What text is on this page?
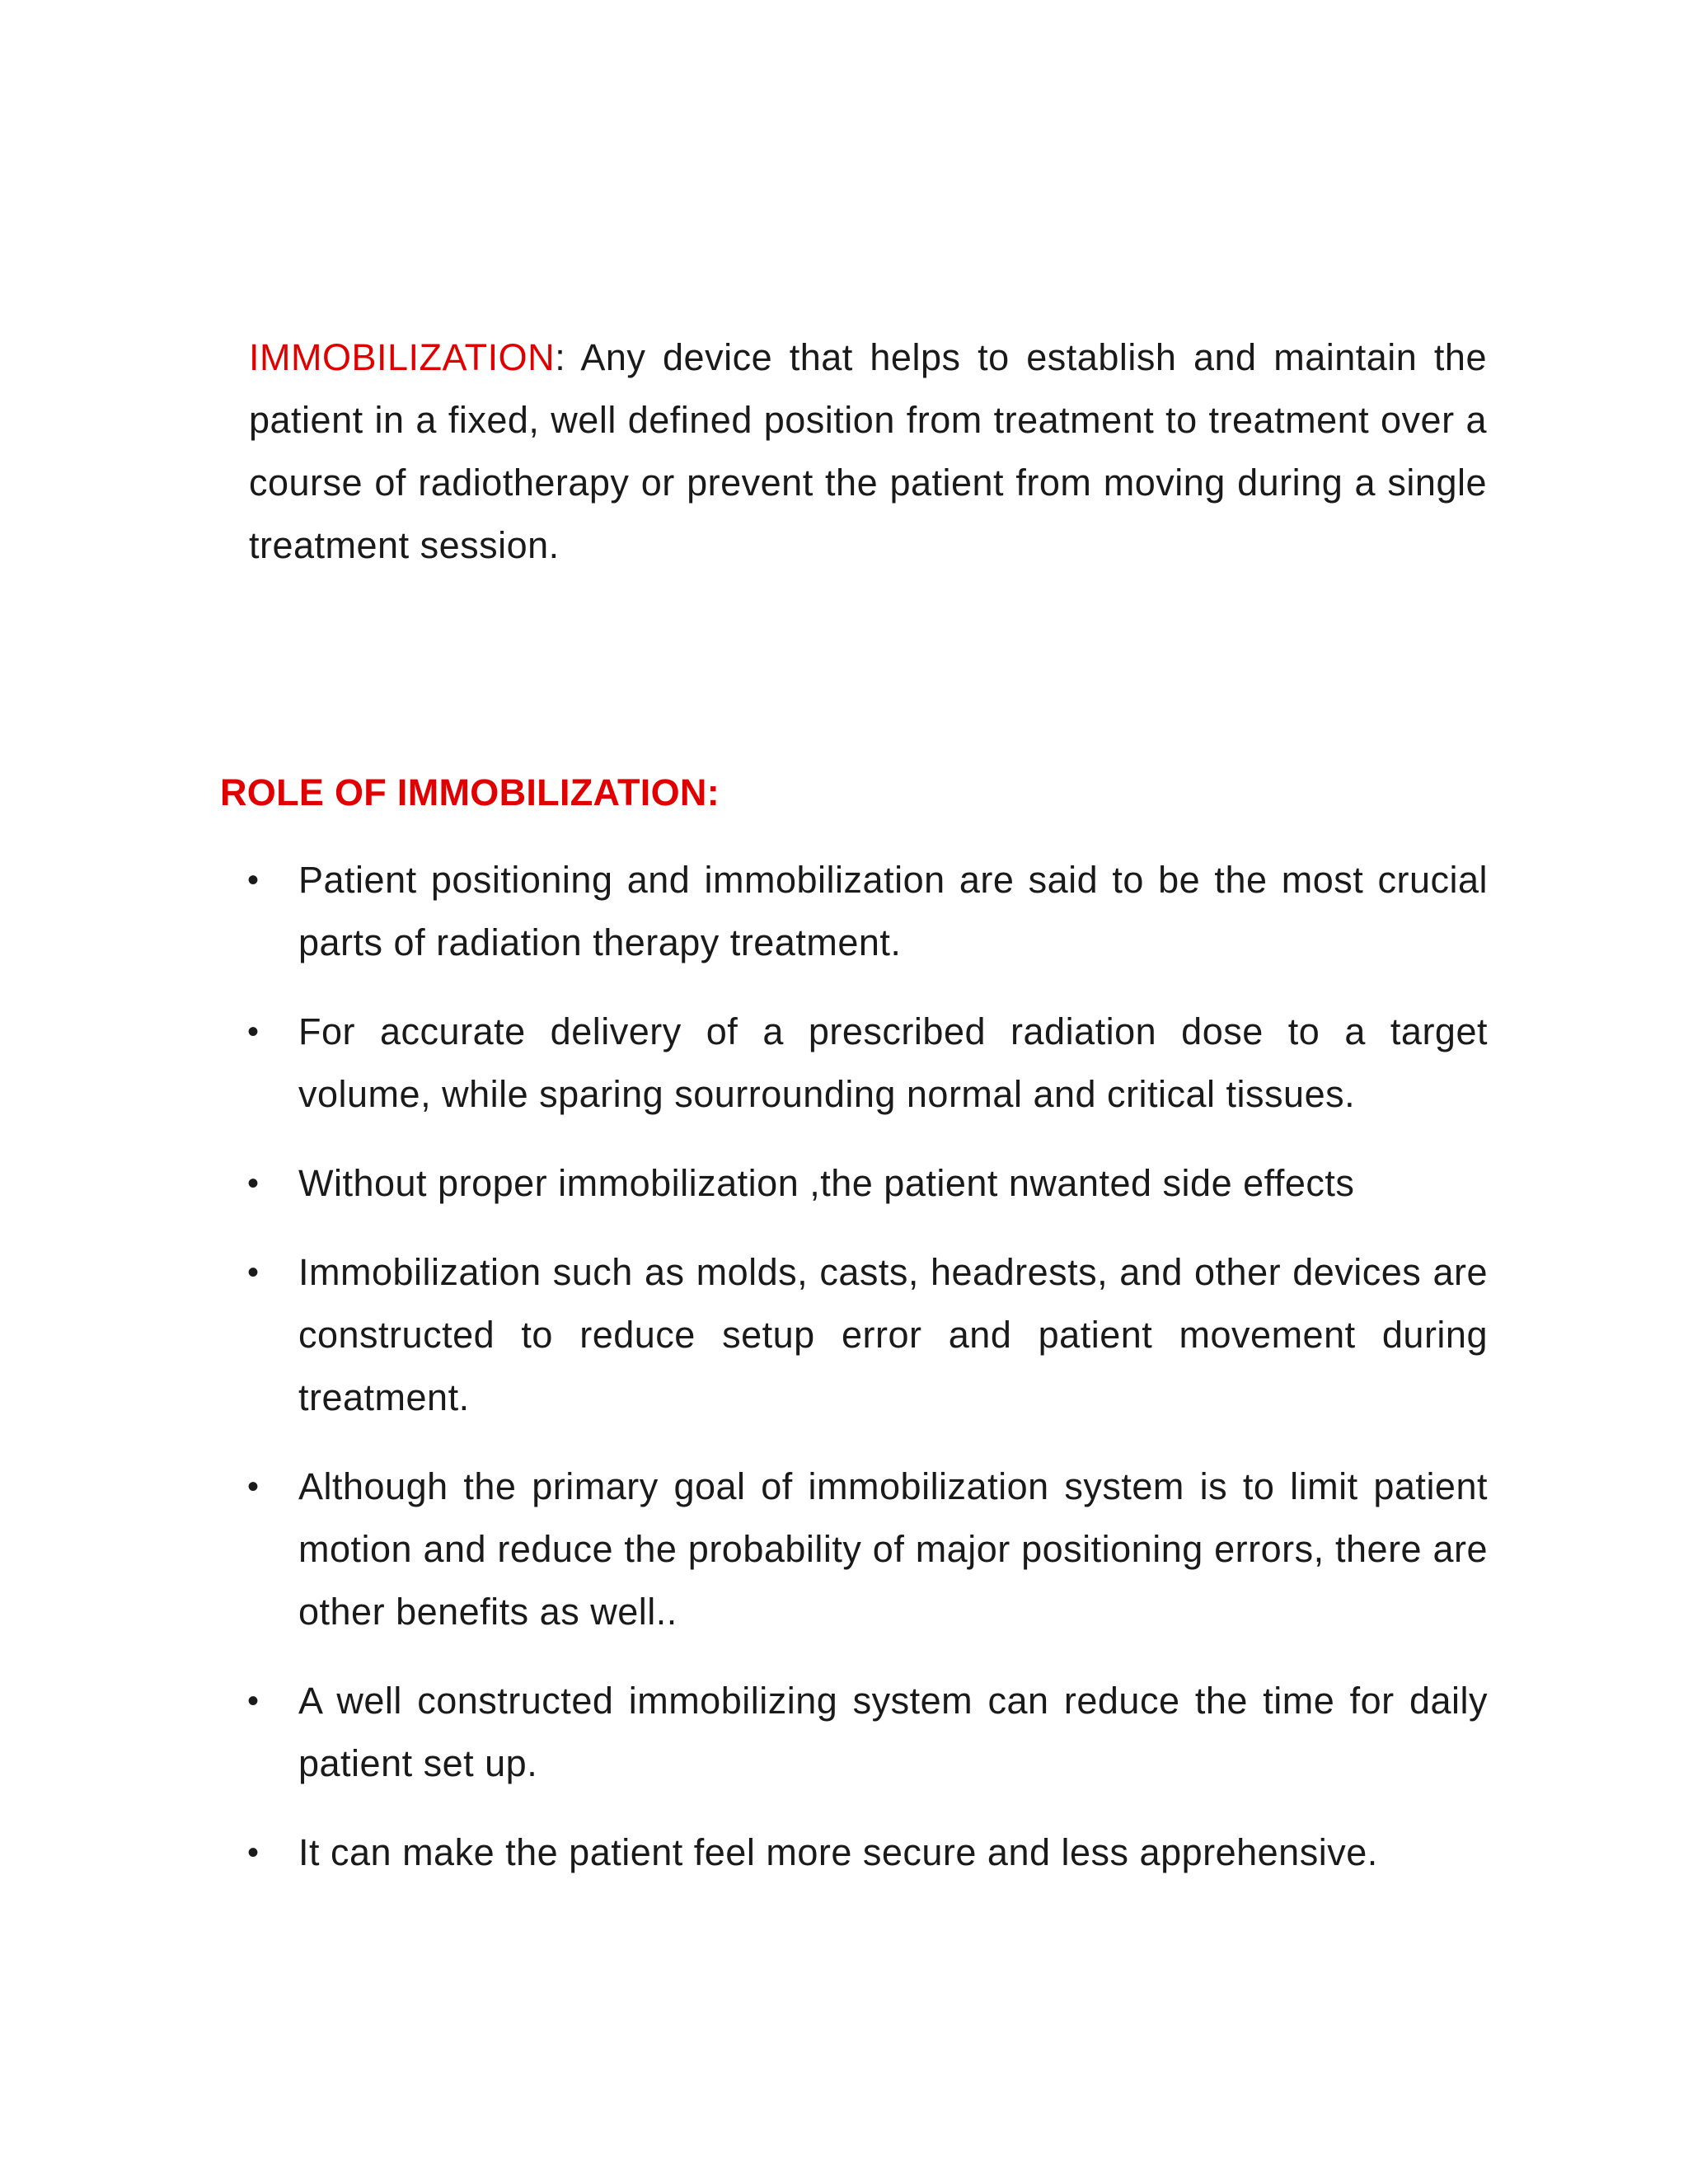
IMMOBILIZATION: Any device that helps to establish and maintain the patient in a fixed, well defined position from treatment to treatment over a course of radiotherapy or prevent the patient from moving during a single treatment session.

ROLE OF IMMOBILIZATION:
• Patient positioning and immobilization are said to be the most crucial parts of radiation therapy treatment.
• For accurate delivery of a prescribed radiation dose to a target volume, while sparing sourrounding normal and critical tissues.
• Without proper immobilization ,the patient nwanted side effects
• Immobilization such as molds, casts, headrests, and other devices are constructed to reduce setup error and patient movement during treatment.
• Although the primary goal of immobilization system is to limit patient motion and reduce the probability of major positioning errors, there are other benefits as well..
• A well constructed immobilizing system can reduce the time for daily patient set up.
• It can make the patient feel more secure and less apprehensive.
